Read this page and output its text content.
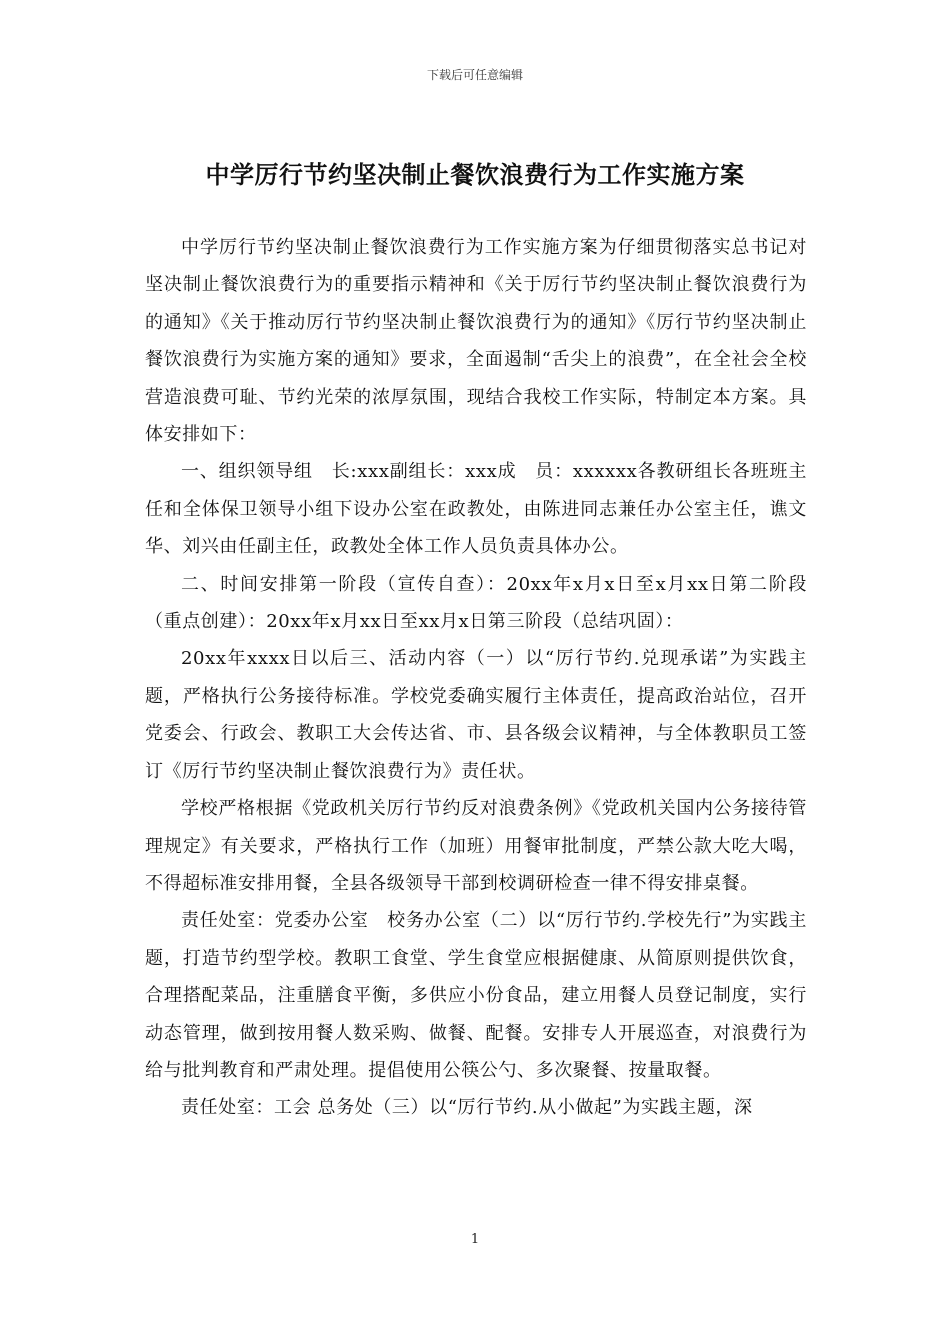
下载后可任意编辑
中学厉行节约坚决制止餐饮浪费行为工作实施方案

中学厉行节约坚决制止餐饮浪费行为工作实施方案为仔细贯彻落实总书记对坚决制止餐饮浪费行为的重要指示精神和《关于厉行节约坚决制止餐饮浪费行为的通知》《关于推动厉行节约坚决制止餐饮浪费行为的通知》《厉行节约坚决制止餐饮浪费行为实施方案的通知》要求，全面遏制“舌尖上的浪费”，在全社会全校营造浪费可耻、节约光荣的浓厚氛围，现结合我校工作实际，特制定本方案。具体安排如下：

一、组织领导组　长:xxx副组长：xxx成　员：xxxxxx各教研组长各班班主任和全体保卫领导小组下设办公室在政教处，由陈进同志兼任办公室主任，谯文华、刘兴由任副主任，政教处全体工作人员负责具体办公。

二、时间安排第一阶段（宣传自查）：20xx年x月x日至x月xx日第二阶段（重点创建）：20xx年x月xx日至xx月x日第三阶段（总结巩固）：

20xx年xxxx日以后三、活动内容（一）以“厉行节约.兑现承诺”为实践主题，严格执行公务接待标准。学校党委确实履行主体责任，提高政治站位，召开党委会、行政会、教职工大会传达省、市、县各级会议精神，与全体教职员工签订《厉行节约坚决制止餐饮浪费行为》责任状。

学校严格根据《党政机关厉行节约反对浪费条例》《党政机关国内公务接待管理规定》有关要求，严格执行工作（加班）用餐审批制度，严禁公款大吃大喝，不得超标准安排用餐，全县各级领导干部到校调研检查一律不得安排桌餐。

责任处室：党委办公室　校务办公室（二）以“厉行节约.学校先行”为实践主题，打造节约型学校。教职工食堂、学生食堂应根据健康、从简原则提供饮食，合理搭配菜品，注重膳食平衡，多供应小份食品，建立用餐人员登记制度，实行动态管理，做到按用餐人数采购、做餐、配餐。安排专人开展巡查，对浪费行为给与批判教育和严肃处理。提倡使用公筷公勺、多次聚餐、按量取餐。

责任处室：工会 总务处（三）以“厉行节约.从小做起”为实践主题，深

1
